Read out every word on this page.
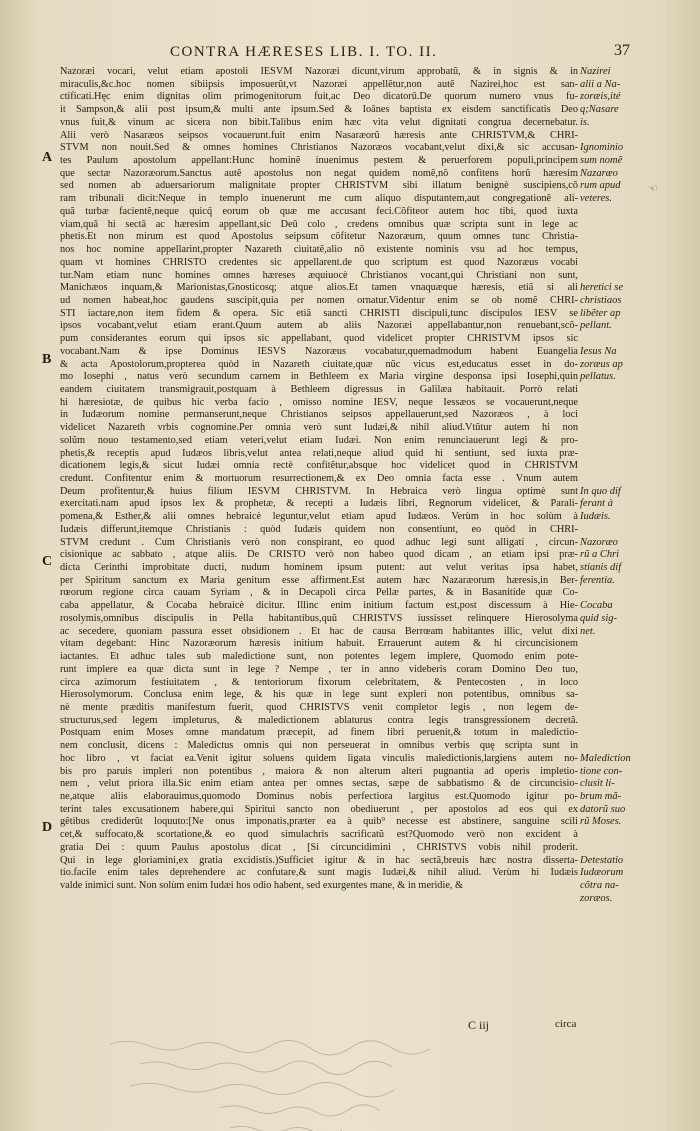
CONTRA HÆRESES LIB. I. TO. II.	37
A
B
C
D
Nazoræi vocari, velut etiam apostoli IESVM Nazoræi dicunt,virum approbatũ, & in signis & in
miraculis,&c.hoc nomen sibiipsis imposuerũt,vt Nazoræi appellẽtur,non autẽ Nazirei,hoc est san-
ctificati.Hęc enim dignitas olim primogenitorum fuit,ac Deo dicatorũ.De quorum numero vnus fu-
it Sampson,& alii post ipsum,& multi ante ipsum.Sed & Ioãnes baptista ex eisdem sanctificatis Deo
vnus fuit,& vinum ac sicera non bibit.Talibus enim hæc vita velut dignitati congrua decernebatur.
Alii verò Nasaræos seipsos vocauerunt.fuit enim Nasaræorũ hæresis ante CHRISTVM,& CHRI-
STVM non nouit.Sed & omnes homines Christianos Nazoræos vocabant,velut dixi,& sic accusan-
tes Paulum apostolum appellant:Hunc hominẽ inuenimus pestem & peruerforem populi,principem
que sectæ Nazoræorum.Sanctus autẽ apostolus non negat quidem nomẽ,nõ confitens horũ hæresim
sed nomen ab aduersariorum malignitate propter CHRISTVM sibi illatum benignè suscipiens,cõ
ram tribunali dicit:Neque in templo inuenerunt me cum aliquo disputantem,aut congregationẽ ali-
quã turbæ facientẽ,neque quicq̃ eorum ob quæ me accusant feci.Cõfiteor autem hoc tibi, quod iuxta
viam,quã hi sectã ac hæresim appellant,sic Deũ colo , credens omnibus quæ scripta sunt in lege ac
phetis.Et non mirum est quod Apostolus seipsum cõfitetur Nazoræum, quum omnes tunc Christia-
nos hoc nomine appellarint,propter Nazareth ciuitatẽ,alio nõ existente nominis vsu ad hoc tempus,
quam vt homines CHRISTO credentes sic appellarent.de quo scriptum est quod Nazoræus vocabi
tur.Nam etiam nunc homines omnes hæreses æquiuocè Christianos vocant,qui Christiani non sunt,
Manichæos inquam,& Marionistas,Gnosticosq; atque alios.Et tamen vnaquæque hæresis, etiã si ali
ud nomen habeat,hoc gaudens suscipit,quia per nomen ornatur.Videntur enim se ob nomẽ CHRI-
STI iactare,non item fidem & opera. Sic etiã sancti CHRISTI discipuli,tunc discipulos IESV se
ipsos vocabant,velut etiam erant.Quum autem ab aliis Nazoræi appellabantur,non renuebant,scõ-
pum considerantes eorum qui ipsos sic appellabant, quod videlicet propter CHRISTVM ipsos sic
vocabant.Nam & ipse Dominus IESVS Nazoræus vocabatur,quemadmodum habent Euangelia
& acta Apostolorum,propterea quòd in Nazareth ciuitate,quæ nũc vicus est,educatus esset in do-
mo Iosephi , natus verò secundum carnem in Bethleem ex Maria virgine desponsa ipsi Iosephi,quin
eandem ciuitatem transmigrauit,postquam à Bethleem digressus in Galilæa habitauit. Porrò relati
hi hæresiotæ, de quibus hic verba facio , omisso nomine IESV, neque Iessæos se vocauerunt,neque
in Iudæorum nomine permanserunt,neque Christianos seipsos appellauerunt,sed Nazoræos , à loci
videlicet Nazareth vrbis cognomine.Per omnia verò sunt Iudæi,& nihil aliud.Vtũtur autem hi non
solũm nouo testamento,sed etiam veteri,velut etiam Iudæi. Non enim renunciauerunt legi & pro-
phetis,& receptis apud Iudæos libris,velut antea relati,neque aliud quid hi sentiunt, sed iuxta præ-
dicationem legis,& sicut Iudæi omnia rectè confitẽtur,absque hoc videlicet quod in CHRISTVM
credunt. Confitentur enim & mortuorum resurrectionem,& ex Deo omnia facta esse . Vnum autem
Deum profitentur,& huius filium IESVM CHRISTVM. In Hebraica verò lingua optimè sunt
exercitati.nam apud ipsos lex & prophetæ, & recepti a Iudæis libri, Regnorum videlicet, & Parali-
pomena,& Esther,& alii omnes hebraicè leguntur,velut etiam apud Iudæos. Verùm in hoc solùm à
Iudæis differunt,itemque Christianis : quòd Iudæis quidem non consentiunt, eo quòd in CHRI-
STVM credunt . Cum Christianis verò non conspirant, eo quod adhuc legi sunt alligati , circun-
cisionique ac sabbato , atque aliis. De CRISTO verò non habeo quod dicam , an etiam ipsi præ-
dicta Cerinthi improbitate ducti, nudum hominem ipsum putent: aut velut veritas ipsa habet,
per Spiritum sanctum ex Maria genitum esse affirment.Est autem hæc Nazaræorum hæresis,in Ber-
rœorum regione circa cauam Syriam , & in Decapoli circa Pellæ partes, & in Basanitide quæ Co-
caba appellatur, & Cocaba hebraicè dicitur. Illinc enim initium factum est,post discessum à Hie-
rosolymis,omnibus discipulis in Pella habitantibus,quũ CHRISTVS iussisset relinquere Hierosolyma
ac secedere, quoniam passura esset obsidionem . Et hac de causa Berrœam habitantes illic, velut dixi
vitam degebant: Hinc Nazoræorum hæresis initium habuit. Errauerunt autem & hi circuncisionem
iactantes. Et adhuc tales sub maledictione sunt, non potentes legem implere, Quomodo enim pote-
runt implere ea quæ dicta sunt in lege ? Nempe , ter in anno videberis coram Domino Deo tuo,
circa azimorum festiuitatem , & tentoriorum fixorum celebritatem, & Pentecosten , in loco
Hierosolymorum. Conclusa enim lege, & his quæ in lege sunt expleri non potentibus, omnibus sa-
nè mente præditis manifestum fuerit, quod CHRISTVS venit completor legis , non legem de-
structurus,sed legem impleturus, & maledictionem ablaturus contra legis transgressionem decretã.
Postquam enim Moses omne mandatum præcepit, ad finem libri peruenit,& totum in maledictio-
nem conclusit, dicens : Maledictus omnis qui non perseuerat in omnibus verbis quę scripta sunt in
hoc libro , vt faciat ea.Venit igitur soluens quidem ligata vinculis maledictionis,largiens autem no-
bis pro paruis impleri non potentibus , maiora & non alterum alteri pugnantia ad operis impletio-
nem , velut priora illa.Sic enim etiam antea per omnes sectas, sæpe de sabbatismo & de circuncisio-
ne,atque aliis elaborauimus,quomodo Dominus nobis perfectiora largitus est.Quomodo igitur po-
terint tales excusationem habere,qui Spiritui sancto non obediuerunt , per apostolos ad eos qui ex
gẽtibus crediderũt loquuto:[Ne onus imponatis,præter ea à quib⁹ necesse est abstinere, sanguine scili
cet,& suffocato,& scortatione,& eo quod simulachris sacrificatũ est?Quomodo verò non excident à
gratia Dei : quum Paulus apostolus dicat , [Si circuncidimini , CHRISTVS vobis nihil proderit.
Qui in lege gloriamini,ex gratia excidistis.)Sufficiet igitur & in hac sectã,breuis hæc nostra disserta-
tio.facile enim tales deprehendere ac confutare,& sunt magis Iudæi,& nihil aliud. Verùm hi Iudæis
valde inimici sunt. Non solùm enim Iudæi hos odio habent, sed exurgentes mane, & in meridie, &
Nazirei
alii a Na-
zoræis,ité
q;Nasare
is.
Ignominio
sum nomẽ
Nazaræo
rum apud
veteres.
heretici se
christiaos
libẽter ap
pellant.
Iesus Na
zoræus ap
pellatus.
In quo dif
ferant à
Iudæis.
Nazoræo
rũ a Chri
stianis dif
ferentia.
Cocaba
quid sig-
net.
Malediction
tione con-
clusit li-
brum mã-
datorũ suo
rũ Moses.
Detestatio
Iudæorum
cõtra na-
zoræos.
☜
C iij	circa
